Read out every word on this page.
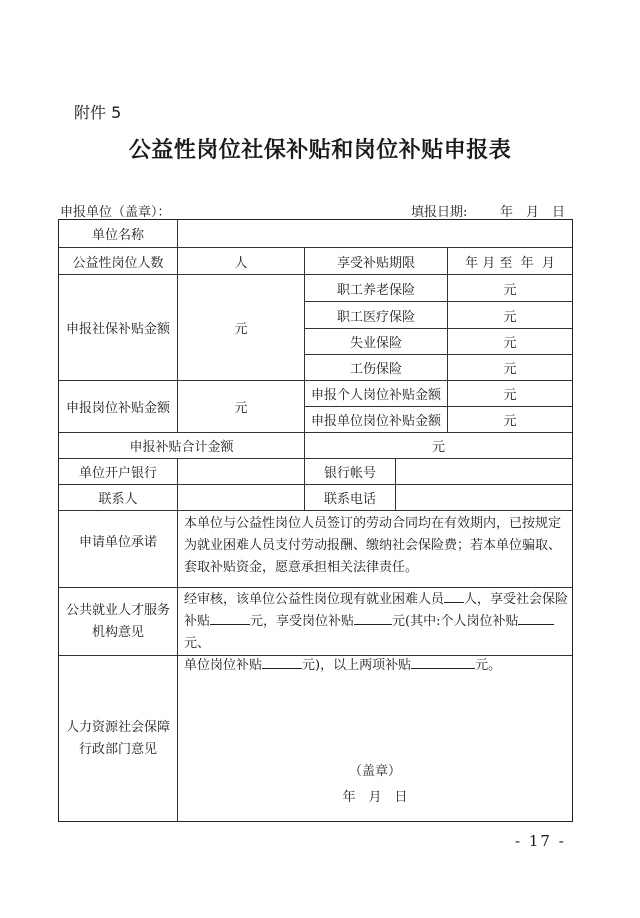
附件 5
公益性岗位社保补贴和岗位补贴申报表
申报单位（盖章）：	填报日期:	年 月 日
单位名称
公益性岗位人数	人	享受补贴期限	年 月 至  年  月
申报社保补贴金额	元
职工养老保险	元
职工医疗保险	元
失业保险	元
工伤保险	元
申报岗位补贴金额	元
申报个人岗位补贴金额	元
申报单位岗位补贴金额	元
申报补贴合计金额	元
单位开户银行	银行帐号
联系人	联系电话
申请单位承诺
本单位与公益性岗位人员签订的劳动合同均在有效期内，已按规定为就业困难人员支付劳动报酬、缴纳社会保险费；若本单位骗取、套取补贴资金，愿意承担相关法律责任。
公共就业人才服务
机构意见
经审核，该单位公益性岗位现有就业困难人员 人，享受社会保险
补贴	元，享受岗位补贴	元(其中:个人岗位补贴元、
单位岗位补贴	元)，以上两项补贴	元。
人力资源社会保障
行政部门意见
（盖章）
年　月　日
- 17 -
